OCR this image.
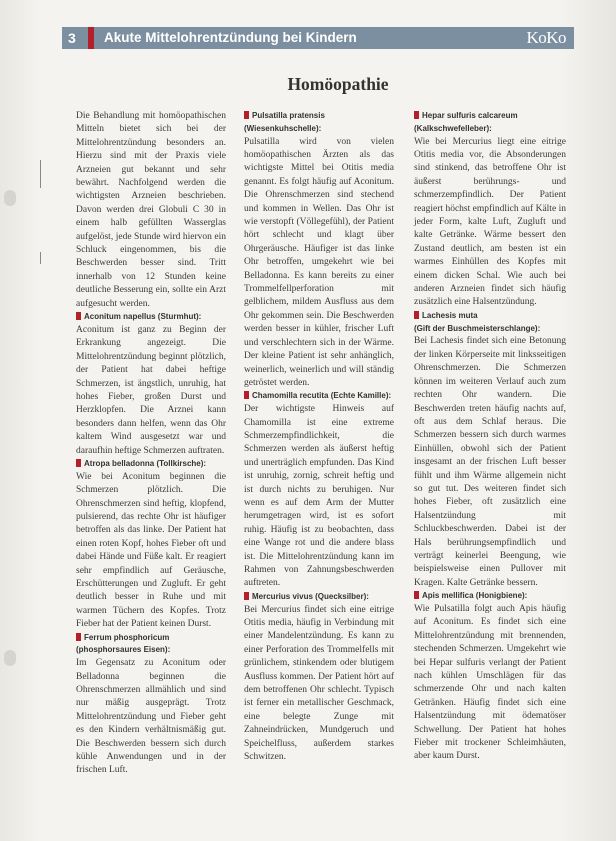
3 Akute Mittelohrentzündung bei Kindern	KoKo
Homöopathie

Die Behandlung mit homöopathischen Mitteln bietet sich bei der Mittelohrentzündung besonders an. Hierzu sind mit der Praxis viele Arzneien gut bekannt und sehr bewährt. Nachfolgend werden die wichtigsten Arzneien beschrieben. Davon werden drei Globuli C 30 in einem halb gefüllten Wasserglas aufgelöst, jede Stunde wird hiervon ein Schluck eingenommen, bis die Beschwerden besser sind. Tritt innerhalb von 12 Stunden keine deutliche Besserung ein, sollte ein Arzt aufgesucht werden.

Aconitum napellus (Sturmhut):

Aconitum ist ganz zu Beginn der Erkrankung angezeigt. Die Mittelohrentzündung beginnt plötzlich, der Patient hat dabei heftige Schmerzen, ist ängstlich, unruhig, hat hohes Fieber, großen Durst und Herzklopfen. Die Arznei kann besonders dann helfen, wenn das Ohr kaltem Wind ausgesetzt war und daraufhin heftige Schmerzen auftraten.

Atropa belladonna (Tollkirsche):

Wie bei Aconitum beginnen die Schmerzen plötzlich. Die Ohrenschmerzen sind heftig, klopfend, pulsierend, das rechte Ohr ist häufiger betroffen als das linke. Der Patient hat einen roten Kopf, hohes Fieber oft und dabei Hände und Füße kalt. Er reagiert sehr empfindlich auf Geräusche, Erschütterungen und Zugluft. Er geht deutlich besser in Ruhe und mit warmen Tüchern des Kopfes. Trotz Fieber hat der Patient keinen Durst.

Ferrum phosphoricum
(phosphorsaures Eisen):

Im Gegensatz zu Aconitum oder Belladonna beginnen die Ohrenschmerzen allmählich und sind nur mäßig ausgeprägt. Trotz Mittelohrentzündung und Fieber geht es den Kindern verhältnismäßig gut. Die Beschwerden bessern sich durch kühle Anwendungen und in der frischen Luft.

Pulsatilla pratensis
(Wiesenkuhschelle):

Pulsatilla wird von vielen homöopathischen Ärzten als das wichtigste Mittel bei Otitis media genannt. Es folgt häufig auf Aconitum. Die Ohrenschmerzen sind stechend und kommen in Wellen. Das Ohr ist wie verstopft (Völlegefühl), der Patient hört schlecht und klagt über Ohrgeräusche. Häufiger ist das linke Ohr betroffen, umgekehrt wie bei Belladonna. Es kann bereits zu einer Trommelfellperforation mit gelblichem, mildem Ausfluss aus dem Ohr gekommen sein. Die Beschwerden werden besser in kühler, frischer Luft und verschlechtern sich in der Wärme. Der kleine Patient ist sehr anhänglich, weinerlich, weinerlich und will ständig getröstet werden.

Chamomilla recutita (Echte Kamille):

Der wichtigste Hinweis auf Chamomilla ist eine extreme Schmerzempfindlichkeit, die Schmerzen werden als äußerst heftig und unerträglich empfunden. Das Kind ist unruhig, zornig, schreit heftig und ist durch nichts zu beruhigen. Nur wenn es auf dem Arm der Mutter herumgetragen wird, ist es sofort ruhig. Häufig ist zu beobachten, dass eine Wange rot und die andere blass ist. Die Mittelohrentzündung kann im Rahmen von Zahnungsbeschwerden auftreten.

Mercurius vivus (Quecksilber):

Bei Mercurius findet sich eine eitrige Otitis media, häufig in Verbindung mit einer Mandelentzündung. Es kann zu einer Perforation des Trommelfells mit grünlichem, stinkendem oder blutigem Ausfluss kommen. Der Patient hört auf dem betroffenen Ohr schlecht. Typisch ist ferner ein metallischer Geschmack, eine belegte Zunge mit Zahneindrücken, Mundgeruch und Speichelfluss, außerdem starkes Schwitzen.

Hepar sulfuris calcareum
(Kalkschwefelleber):

Wie bei Mercurius liegt eine eitrige Otitis media vor, die Absonderungen sind stinkend, das betroffene Ohr ist äußerst berührungs- und schmerzempfindlich. Der Patient reagiert höchst empfindlich auf Kälte in jeder Form, kalte Luft, Zugluft und kalte Getränke. Wärme bessert den Zustand deutlich, am besten ist ein warmes Einhüllen des Kopfes mit einem dicken Schal. Wie auch bei anderen Arzneien findet sich häufig zusätzlich eine Halsentzündung.

Lachesis muta
(Gift der Buschmeisterschlange):

Bei Lachesis findet sich eine Betonung der linken Körperseite mit linksseitigen Ohrenschmerzen. Die Schmerzen können im weiteren Verlauf auch zum rechten Ohr wandern. Die Beschwerden treten häufig nachts auf, oft aus dem Schlaf heraus. Die Schmerzen bessern sich durch warmes Einhüllen, obwohl sich der Patient insgesamt an der frischen Luft besser fühlt und ihm Wärme allgemein nicht so gut tut. Des weiteren findet sich hohes Fieber, oft zusätzlich eine Halsentzündung mit Schluckbeschwerden. Dabei ist der Hals berührungsempfindlich und verträgt keinerlei Beengung, wie beispielsweise einen Pullover mit Kragen. Kalte Getränke bessern.

Apis mellifica (Honigbiene):

Wie Pulsatilla folgt auch Apis häufig auf Aconitum. Es findet sich eine Mittelohrentzündung mit brennenden, stechenden Schmerzen. Umgekehrt wie bei Hepar sulfuris verlangt der Patient nach kühlen Umschlägen für das schmerzende Ohr und nach kalten Getränken. Häufig findet sich eine Halsentzündung mit ödematöser Schwellung. Der Patient hat hohes Fieber mit trockener Schleimhäuten, aber kaum Durst.
